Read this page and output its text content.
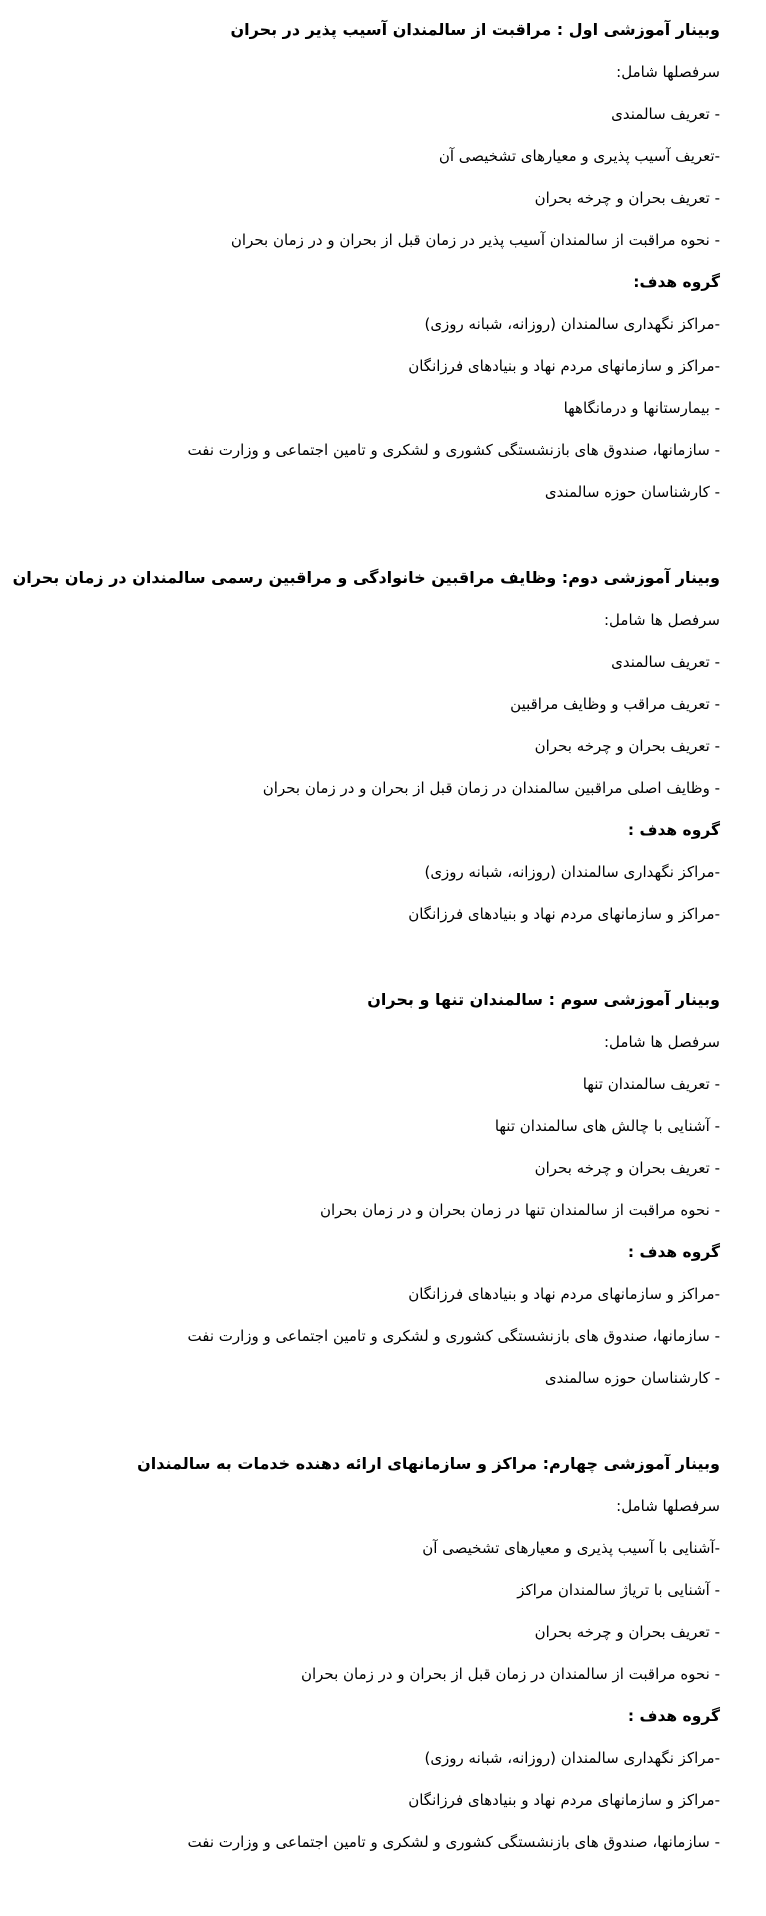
وبینار آموزشی اول : مراقبت از سالمندان آسیب پذیر در بحران

سرفصلها شامل:

- تعریف سالمندی

-تعریف آسیب پذیری و معیارهای تشخیصی آن

- تعریف بحران و چرخه بحران

- نحوه مراقبت از سالمندان آسیب پذیر در زمان قبل از بحران و در زمان بحران

گروه هدف:

-مراکز نگهداری سالمندان (روزانه، شبانه روزی)

-مراکز و سازمانهای مردم نهاد و بنیادهای فرزانگان

- بیمارستانها و درمانگاهها

- سازمانها، صندوق های بازنشستگی کشوری و لشکری و تامین اجتماعی و وزارت نفت

- کارشناسان حوزه سالمندی

وبینار آموزشی دوم: وظایف مراقبین خانوادگی و مراقبین رسمی سالمندان در زمان بحران

سرفصل ها شامل:

- تعریف سالمندی

- تعریف مراقب و وظایف مراقبین

- تعریف بحران و چرخه بحران

- وظایف اصلی مراقبین سالمندان در زمان قبل از بحران و در زمان بحران

گروه هدف :

-مراکز نگهداری سالمندان (روزانه، شبانه روزی)

-مراکز و سازمانهای مردم نهاد و بنیادهای فرزانگان

وبینار آموزشی سوم : سالمندان تنها و بحران

سرفصل ها شامل:

- تعریف سالمندان تنها

- آشنایی با چالش های سالمندان تنها

- تعریف بحران و چرخه بحران

- نحوه مراقبت از سالمندان تنها در زمان بحران و در زمان بحران

گروه هدف :

-مراکز و سازمانهای مردم نهاد و بنیادهای فرزانگان

- سازمانها، صندوق های بازنشستگی کشوری و لشکری و تامین اجتماعی و وزارت نفت

- کارشناسان حوزه سالمندی

وبینار آموزشی چهارم: مراکز و سازمانهای ارائه دهنده خدمات به سالمندان

سرفصلها شامل:

-آشنایی با آسیب پذیری و معیارهای تشخیصی آن

- آشنایی با تریاژ سالمندان مراکز

- تعریف بحران و چرخه بحران

- نحوه مراقبت از سالمندان در زمان قبل از بحران و در زمان بحران

گروه هدف :

-مراکز نگهداری سالمندان (روزانه، شبانه روزی)

-مراکز و سازمانهای مردم نهاد و بنیادهای فرزانگان

- سازمانها، صندوق های بازنشستگی کشوری و لشکری و تامین اجتماعی و وزارت نفت
